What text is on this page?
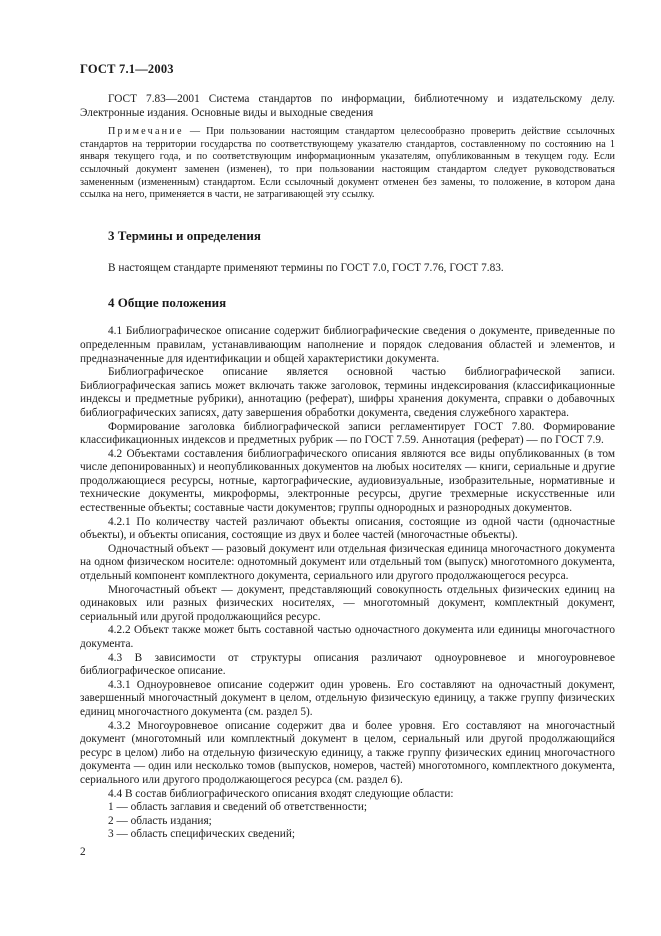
ГОСТ 7.1—2003

ГОСТ 7.83—2001 Система стандартов по информации, библиотечному и издательскому делу. Электронные издания. Основные виды и выходные сведения

Примечание — При пользовании настоящим стандартом целесообразно проверить действие ссылочных стандартов на территории государства по соответствующему указателю стандартов, составленному по состоянию на 1 января текущего года, и по соответствующим информационным указателям, опубликованным в текущем году. Если ссылочный документ заменен (изменен), то при пользовании настоящим стандартом следует руководствоваться замененным (измененным) стандартом. Если ссылочный документ отменен без замены, то положение, в котором дана ссылка на него, применяется в части, не затрагивающей эту ссылку.

3 Термины и определения

В настоящем стандарте применяют термины по ГОСТ 7.0, ГОСТ 7.76, ГОСТ 7.83.

4 Общие положения

4.1 Библиографическое описание содержит библиографические сведения о документе, приведенные по определенным правилам, устанавливающим наполнение и порядок следования областей и элементов, и предназначенные для идентификации и общей характеристики документа.

Библиографическое описание является основной частью библиографической записи. Библиографическая запись может включать также заголовок, термины индексирования (классификационные индексы и предметные рубрики), аннотацию (реферат), шифры хранения документа, справки о добавочных библиографических записях, дату завершения обработки документа, сведения служебного характера.

Формирование заголовка библиографической записи регламентирует ГОСТ 7.80. Формирование классификационных индексов и предметных рубрик — по ГОСТ 7.59. Аннотация (реферат) — по ГОСТ 7.9.

4.2 Объектами составления библиографического описания являются все виды опубликованных (в том числе депонированных) и неопубликованных документов на любых носителях — книги, сериальные и другие продолжающиеся ресурсы, нотные, картографические, аудиовизуальные, изобразительные, нормативные и технические документы, микроформы, электронные ресурсы, другие трехмерные искусственные или естественные объекты; составные части документов; группы однородных и разнородных документов.

4.2.1 По количеству частей различают объекты описания, состоящие из одной части (одночастные объекты), и объекты описания, состоящие из двух и более частей (многочастные объекты).

Одночастный объект — разовый документ или отдельная физическая единица многочастного документа на одном физическом носителе: однотомный документ или отдельный том (выпуск) многотомного документа, отдельный компонент комплектного документа, сериального или другого продолжающегося ресурса.

Многочастный объект — документ, представляющий совокупность отдельных физических единиц на одинаковых или разных физических носителях, — многотомный документ, комплектный документ, сериальный или другой продолжающийся ресурс.

4.2.2 Объект также может быть составной частью одночастного документа или единицы многочастного документа.

4.3 В зависимости от структуры описания различают одноуровневое и многоуровневое библиографическое описание.

4.3.1 Одноуровневое описание содержит один уровень. Его составляют на одночастный документ, завершенный многочастный документ в целом, отдельную физическую единицу, а также группу физических единиц многочастного документа (см. раздел 5).

4.3.2 Многоуровневое описание содержит два и более уровня. Его составляют на многочастный документ (многотомный или комплектный документ в целом, сериальный или другой продолжающийся ресурс в целом) либо на отдельную физическую единицу, а также группу физических единиц многочастного документа — один или несколько томов (выпусков, номеров, частей) многотомного, комплектного документа, сериального или другого продолжающегося ресурса (см. раздел 6).

4.4 В состав библиографического описания входят следующие области:

1 — область заглавия и сведений об ответственности;

2 — область издания;

3 — область специфических сведений;

2
